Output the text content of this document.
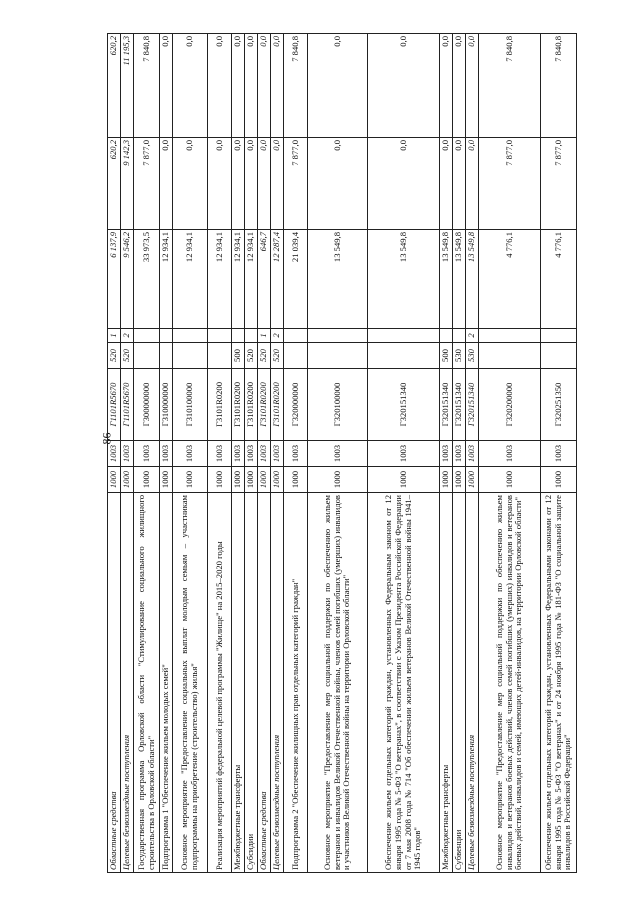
86
Областные средства	1000	1003	Г1101R5670	520	1	6 137,9	620,2	620,2
Целевые безвозмездные поступления	1000	1003	Г1101R5670	520	2	9 546,2	9 142,3	11 195,3
Государственная программа Орловской области "Стимулирование социального жилищного строительства в Орловской области"	1000	1003	Г300000000			33 973,5	7 877,0	7 840,8
Подпрограмма 1 "Обеспечение жильем молодых семей"	1000	1003	Г310000000			12 934,1	0,0	0,0
Основное мероприятие "Предоставление социальных выплат молодым семьям – участникам подпрограммы на приобретение (строительство) жилья"	1000	1003	Г310100000			12 934,1	0,0	0,0
Реализация мероприятий федеральной целевой программы "Жилище" на 2015–2020 годы	1000	1003	Г3101R0200			12 934,1	0,0	0,0
Межбюджетные трансферты	1000	1003	Г3101R0200	500		12 934,1	0,0	0,0
Субсидии	1000	1003	Г3101R0200	520		12 934,1	0,0	0,0
Областные средства	1000	1003	Г3101R0200	520	1	646,7	0,0	0,0
Целевые безвозмездные поступления	1000	1003	Г3101R0200	520	2	12 287,4	0,0	0,0
Подпрограмма 2 "Обеспечение жилищных прав отдельных категорий граждан"	1000	1003	Г320000000			21 039,4	7 877,0	7 840,8
Основное мероприятие "Предоставление мер социальной поддержки по обеспечению жильем ветеранов и инвалидов Великой Отечественной войны, членов семей погибших (умерших) инвалидов и участников Великой Отечественной войны на территории Орловской области"	1000	1003	Г320100000			13 549,8	0,0	0,0
Обеспечение жильем отдельных категорий граждан, установленных Федеральным законом от 12 января 1995 года № 5-ФЗ "О ветеранах", в соответствии с Указом Президента Российской Федерации от 7 мая 2008 года № 714 "Об обеспечении жильем ветеранов Великой Отечественной войны 1941–1945 годов"	1000	1003	Г320151340			13 549,8	0,0	0,0
Межбюджетные трансферты	1000	1003	Г320151340	500		13 549,8	0,0	0,0
Субвенции	1000	1003	Г320151340	530		13 549,8	0,0	0,0
Целевые безвозмездные поступления	1000	1003	Г320151340	530	2	13 549,8	0,0	0,0
Основное мероприятие "Предоставление мер социальной поддержки по обеспечению жильем инвалидов и ветеранов боевых действий, членов семей погибших (умерших) инвалидов и ветеранов боевых действий, инвалидов и семей, имеющих детей-инвалидов, на территории Орловской области"	1000	1003	Г320200000			4 776,1	7 877,0	7 840,8
Обеспечение жильем отдельных категорий граждан, установленных Федеральными законами от 12 января 1995 года № 5-ФЗ "О ветеранах" и от 24 ноября 1995 года № 181-ФЗ "О социальной защите инвалидов в Российской Федерации"	1000	1003	Г320251350			4 776,1	7 877,0	7 840,8
